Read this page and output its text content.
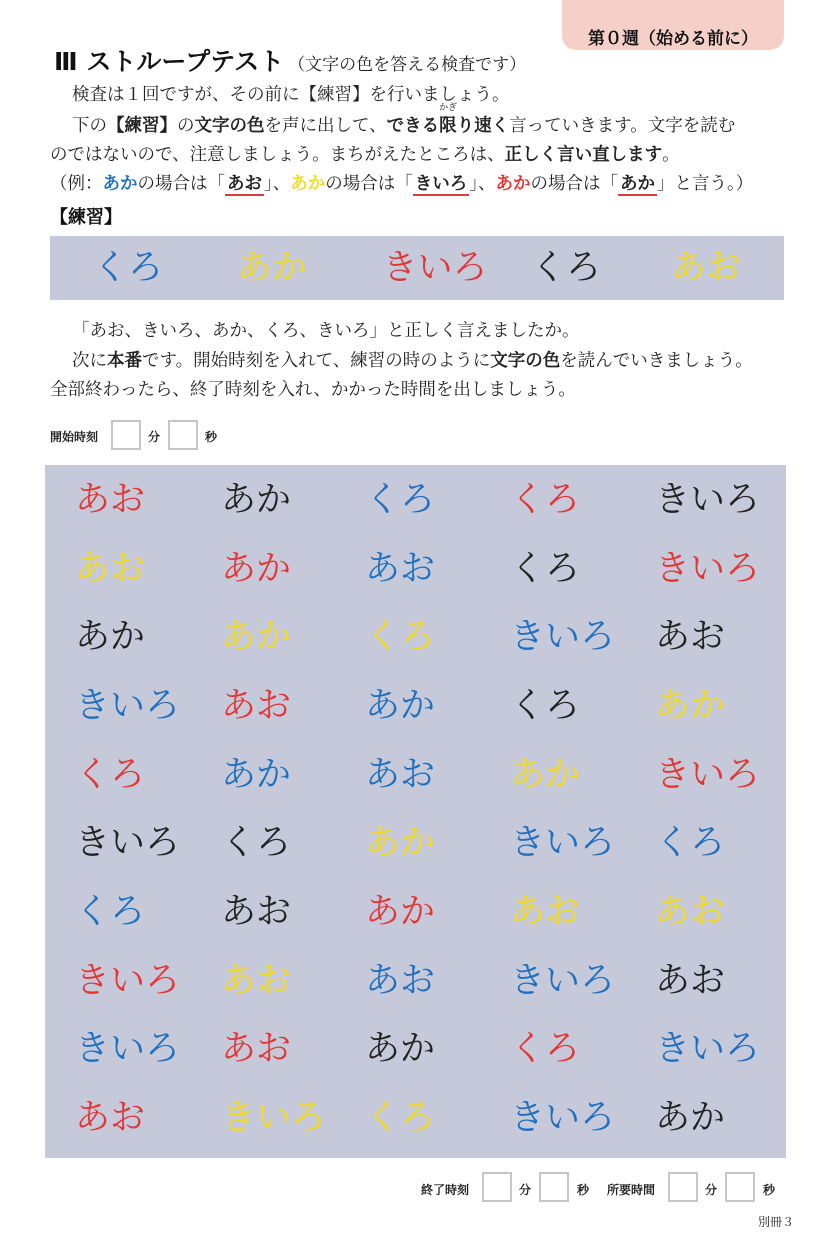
第０週（始める前に）
Ⅲ ストループテスト （文字の色を答える検査です）
検査は１回ですが、その前に【練習】を行いましょう。
下の【練習】の文字の色を声に出して、できる
かぎ
限り速く言っていきます。文字を読む
のではないので、注意しましょう。まちがえたところは、正しく言い直します。
（例：あかの場合は「 あお 」、あかの場合は「 きいろ 」、あかの場合は「 あか 」と言う。）
【練習】
くろ あか きいろ くろ あお
「あお、きいろ、あか、くろ、きいろ」と正しく言えましたか。
次に本番です。開始時刻を入れて、練習の時のように文字の色を読んでいきましょう。
全部終わったら、終了時刻を入れ、かかった時間を出しましょう。
開始時刻	分	秒
あお あか くろ くろ きいろ
あお あか あお くろ きいろ
あか あか くろ きいろ あお
きいろ あお あか くろ あか
くろ あか あお あか きいろ
きいろ くろ あか きいろ くろ
くろ あお あか あお あお
きいろ あお あお きいろ あお
きいろ あお あか くろ きいろ
あお きいろ くろ きいろ あか
終了時刻	分	秒 所要時間	分	秒
別冊３
